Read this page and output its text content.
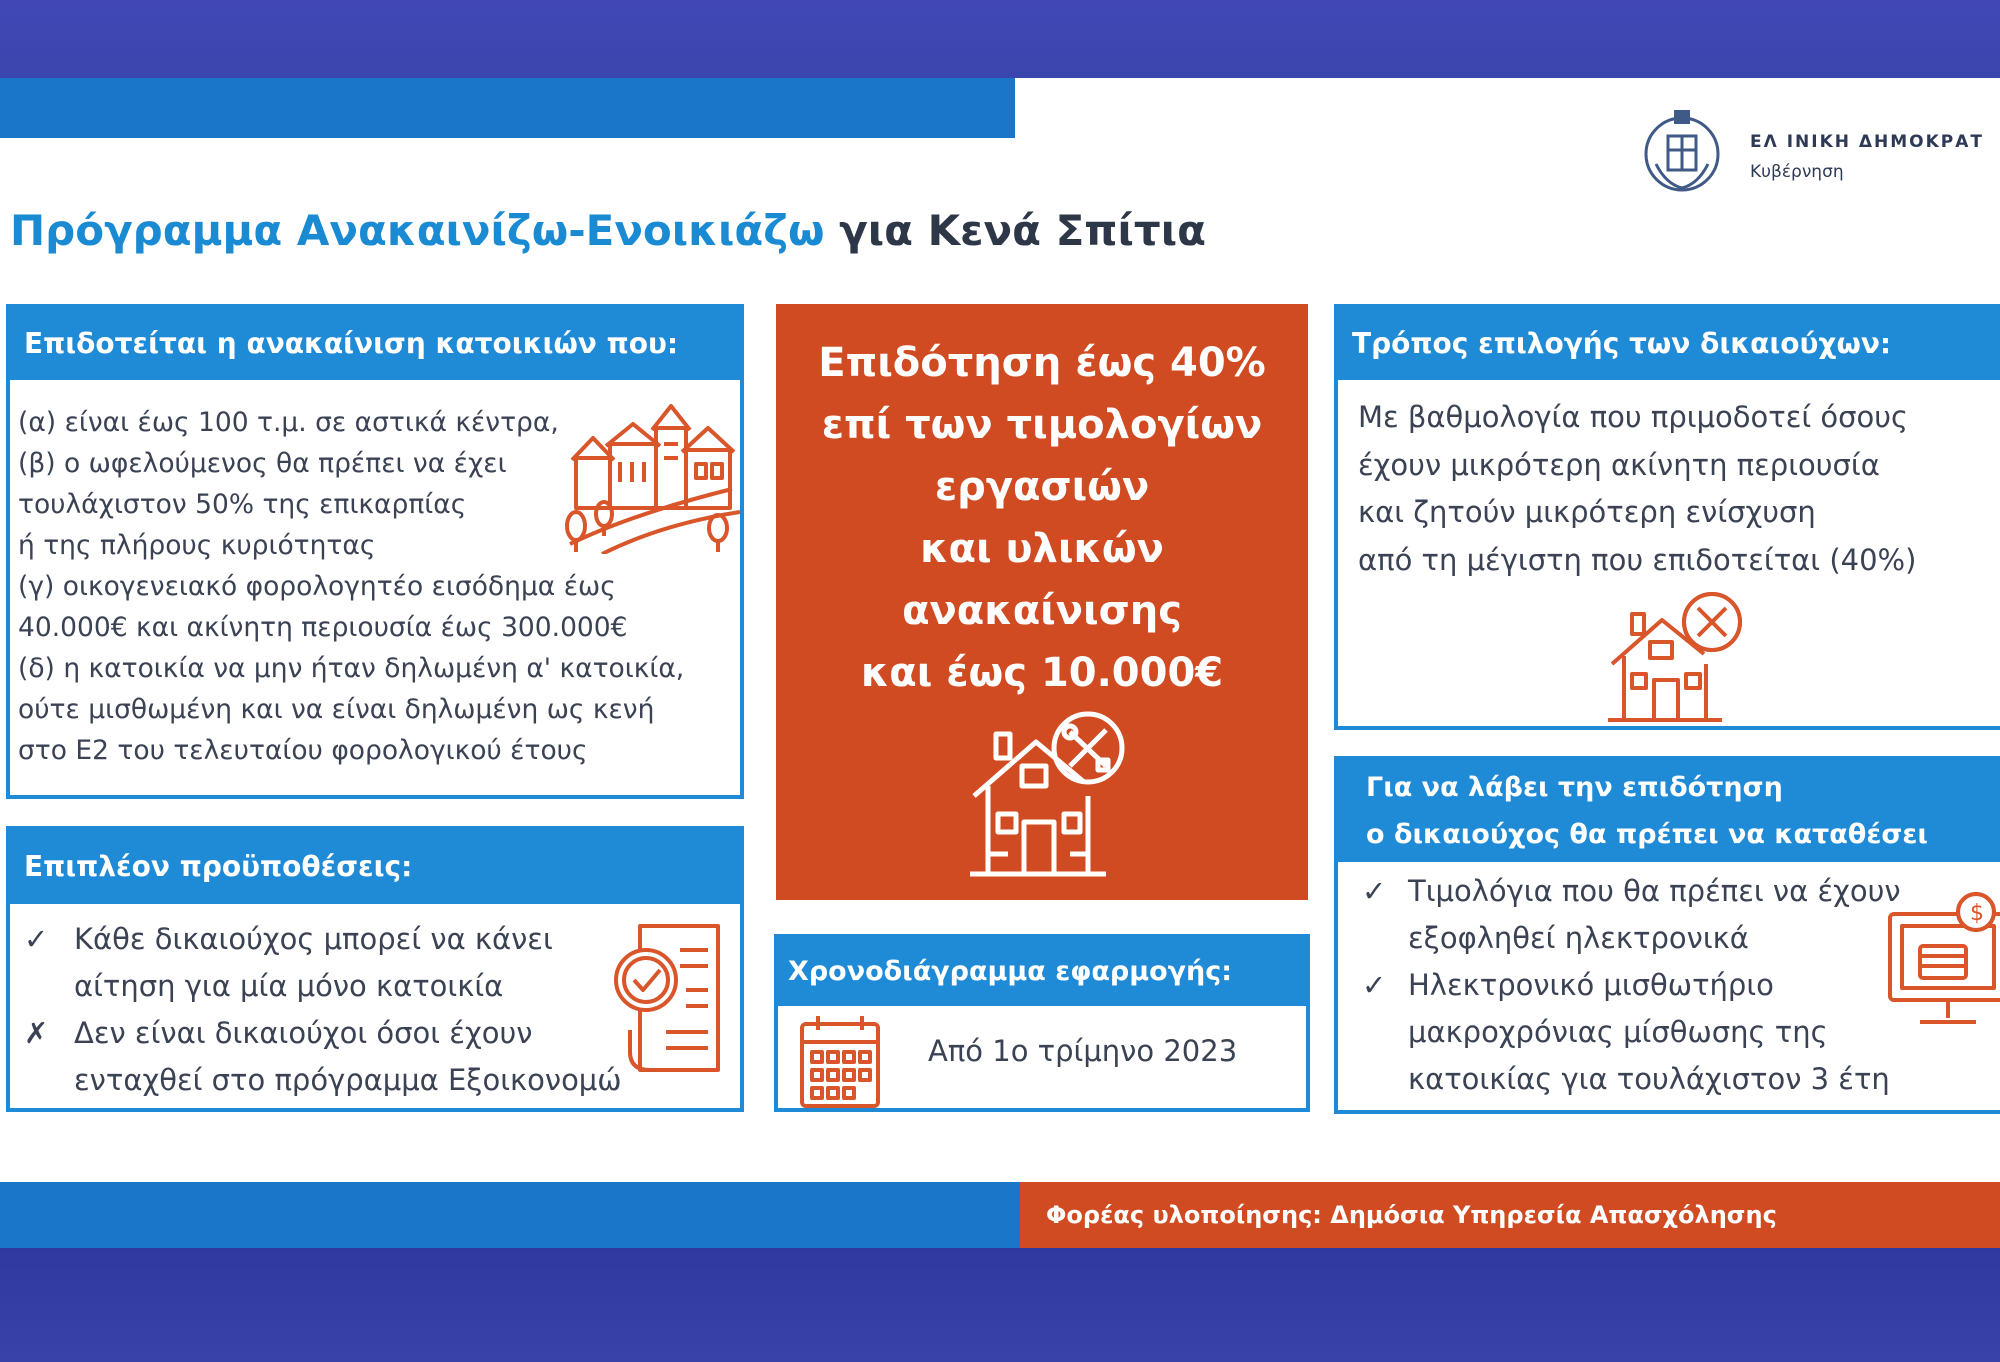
ΕΛ ΙΝΙΚΗ ΔΗΜΟΚΡΑΤ
Κυβέρνηση
Πρόγραμμα Ανακαινίζω-Ενοικιάζω για Κενά Σπίτια
Επιδοτείται η ανακαίνιση κατοικιών που:
(α) είναι έως 100 τ.μ. σε αστικά κέντρα,
(β) ο ωφελούμενος θα πρέπει να έχει
τουλάχιστον 50% της επικαρπίας
ή της πλήρους κυριότητας
(γ) οικογενειακό φορολογητέο εισόδημα έως
40.000€ και ακίνητη περιουσία έως 300.000€
(δ) η κατοικία να μην ήταν δηλωμένη α' κατοικία,
ούτε μισθωμένη και να είναι δηλωμένη ως κενή
στο Ε2 του τελευταίου φορολογικού έτους
Επιπλέον προϋποθέσεις:
✓ Κάθε δικαιούχος μπορεί να κάνει
αίτηση για μία μόνο κατοικία
✗ Δεν είναι δικαιούχοι όσοι έχουν
ενταχθεί στο πρόγραμμα Εξοικονομώ
Επιδότηση έως 40%
επί των τιμολογίων
εργασιών
και υλικών
ανακαίνισης
και έως 10.000€
Χρονοδιάγραμμα εφαρμογής:
Από 1ο τρίμηνο 2023
Τρόπος επιλογής των δικαιούχων:
Με βαθμολογία που πριμοδοτεί όσους
έχουν μικρότερη ακίνητη περιουσία
και ζητούν μικρότερη ενίσχυση
από τη μέγιστη που επιδοτείται (40%)
Για να λάβει την επιδότηση
ο δικαιούχος θα πρέπει να καταθέσει
✓ Τιμολόγια που θα πρέπει να έχουν
εξοφληθεί ηλεκτρονικά
✓ Ηλεκτρονικό μισθωτήριο
μακροχρόνιας μίσθωσης της
κατοικίας για τουλάχιστον 3 έτη
$
Φορέας υλοποίησης: Δημόσια Υπηρεσία Απασχόλησης
